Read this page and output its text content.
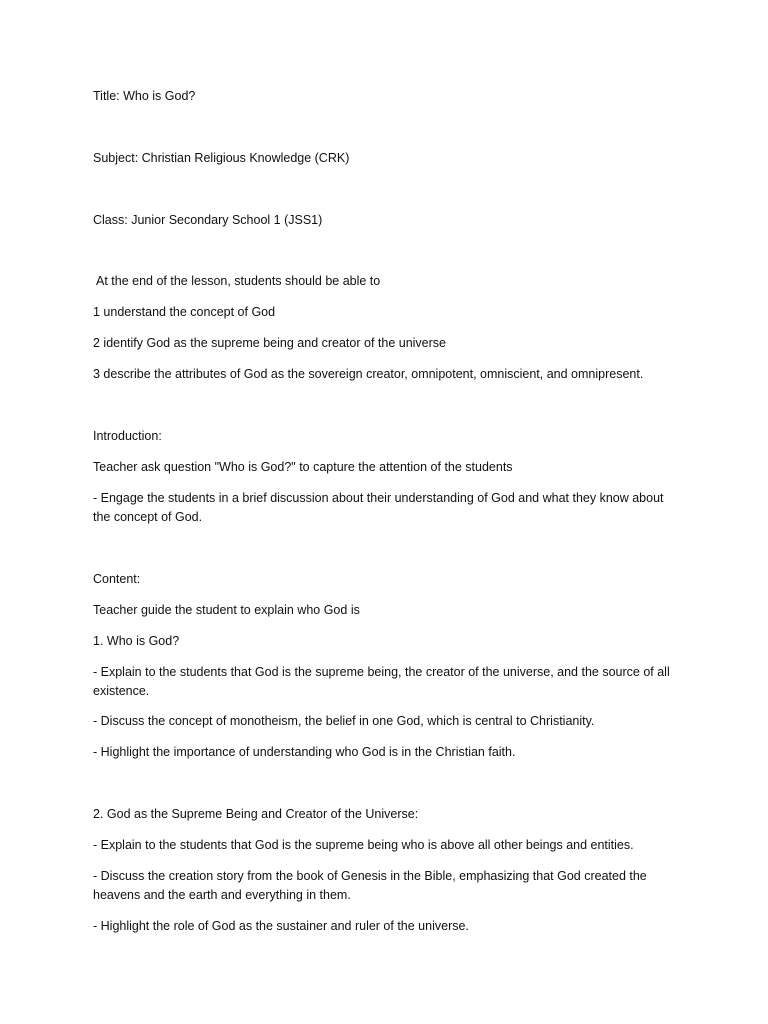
Title: Who is God?

Subject: Christian Religious Knowledge (CRK)

Class: Junior Secondary School 1 (JSS1)

At the end of the lesson, students should be able to

1 understand the concept of God

2 identify God as the supreme being and creator of the universe

3 describe the attributes of God as the sovereign creator, omnipotent, omniscient, and omnipresent.

Introduction:

Teacher ask question "Who is God?" to capture the attention of the students

- Engage the students in a brief discussion about their understanding of God and what they know about the concept of God.

Content:

Teacher guide the student to explain who God is

1. Who is God?

- Explain to the students that God is the supreme being, the creator of the universe, and the source of all existence.

- Discuss the concept of monotheism, the belief in one God, which is central to Christianity.

- Highlight the importance of understanding who God is in the Christian faith.

2. God as the Supreme Being and Creator of the Universe:

- Explain to the students that God is the supreme being who is above all other beings and entities.

- Discuss the creation story from the book of Genesis in the Bible, emphasizing that God created the heavens and the earth and everything in them.

- Highlight the role of God as the sustainer and ruler of the universe.
